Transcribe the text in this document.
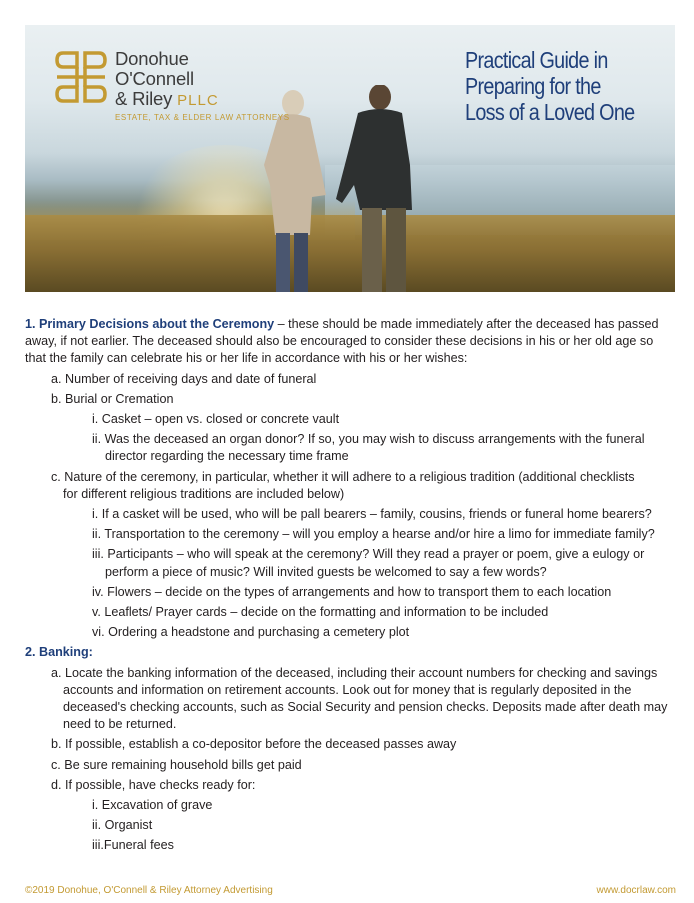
Donohue
O'Connell
& Riley PLLC
ESTATE, TAX & ELDER LAW ATTORNEYS
Practical Guide in
Preparing for the
Loss of a Loved One
1. Primary Decisions about the Ceremony – these should be made immediately after the deceased has passed
away, if not earlier. The deceased should also be encouraged to consider these decisions in his or her old age so
that the family can celebrate his or her life in accordance with his or her wishes:
a. Number of receiving days and date of funeral
b. Burial or Cremation
i. Casket – open vs. closed or concrete vault
ii. Was the deceased an organ donor? If so, you may wish to discuss arrangements with the funeral
director regarding the necessary time frame
c. Nature of the ceremony, in particular, whether it will adhere to a religious tradition (additional checklists
for different religious traditions are included below)
i. If a casket will be used, who will be pall bearers – family, cousins, friends or funeral home bearers?
ii. Transportation to the ceremony – will you employ a hearse and/or hire a limo for immediate family?
iii. Participants – who will speak at the ceremony? Will they read a prayer or poem, give a eulogy or
perform a piece of music? Will invited guests be welcomed to say a few words?
iv. Flowers – decide on the types of arrangements and how to transport them to each location
v. Leaflets/ Prayer cards – decide on the formatting and information to be included
vi. Ordering a headstone and purchasing a cemetery plot
2. Banking:
a. Locate the banking information of the deceased, including their account numbers for checking and savings
accounts and information on retirement accounts. Look out for money that is regularly deposited in the
deceased's checking accounts, such as Social Security and pension checks. Deposits made after death may
need to be returned.
b. If possible, establish a co-depositor before the deceased passes away
c. Be sure remaining household bills get paid
d. If possible, have checks ready for:
i. Excavation of grave
ii. Organist
iii.Funeral fees
©2019 Donohue, O'Connell & Riley Attorney Advertising	www.docrlaw.com
